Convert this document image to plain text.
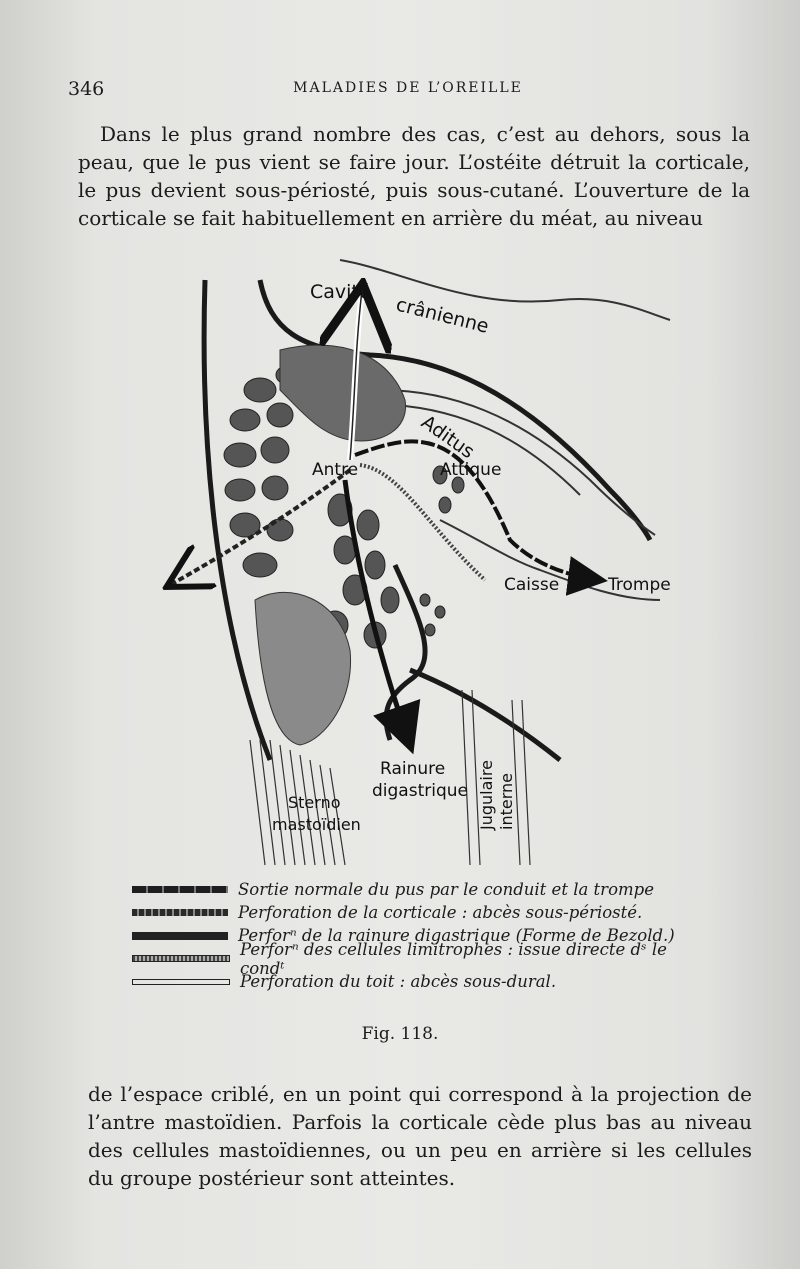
346	MALADIES DE L’OREILLE

Dans le plus grand nombre des cas, c’est au dehors, sous la peau, que le pus vient se faire jour. L’ostéite détruit la corticale, le pus devient sous-périosté, puis sous-cutané. L’ouverture de la corticale se fait habituellement en arrière du méat, au niveau

Cavité
crânienne
Aditus
Antre	Attique
Caisse	Trompe
Rainure
digastrique Jugulaire interne
Sterno
mastoïdien
Sortie normale du pus par le conduit et la trompe
Perforation de la corticale : abcès sous-périosté.
Perforⁿ de la rainure digastrique (Forme de Bezold.)
Perforⁿ des cellules limitrophes : issue directe dˢ le condᵗ
Perforation du toit : abcès sous-dural.
Fig. 118.

de l’espace criblé, en un point qui correspond à la projection de l’antre mastoïdien. Parfois la corticale cède plus bas au niveau des cellules mastoïdiennes, ou un peu en arrière si les cellules du groupe postérieur sont atteintes.
